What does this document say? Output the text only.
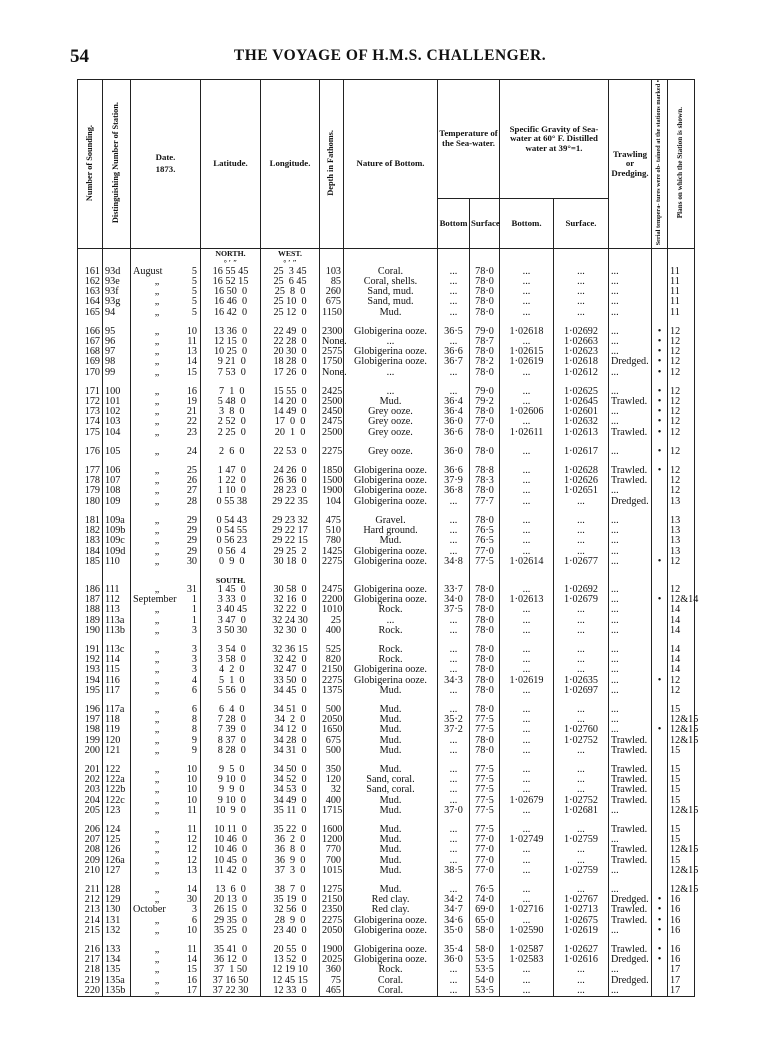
54	THE VOYAGE OF H.M.S. CHALLENGER.
Number of Sounding.	Distinguishing Number of Station.	Date.
1873.	Latitude.	Longitude.	Depth in Fathoms.	Nature of Bottom.	Temperature of the Sea-water.		Specific Gravity of Sea-water at 60° F. Distilled water at 39°=1.		Trawling or Dredging.	Serial tempera- tures were ob- tained at the stations marked •	Plans on which the Station is shown.
							Bottom	Surface	Bottom.	Surface.			
			NORTH.	WEST.									
			° ′ ″	° ′ ″									
161	93d	August 5	16 55 45	25  3 45	103	Coral.	...	78·0	...	...	...		11
162	93e	„ 5	16 52 15	25  6 45	85	Coral, shells.	...	78·0	...	...	...		11
163	93f	„ 5	16 50  0	25  8  0	260	Sand, mud.	...	78·0	...	...	...		11
164	93g	„ 5	16 46  0	25 10  0	675	Sand, mud.	...	78·0	...	...	...		11
165	94	„ 5	16 42  0	25 12  0	1150	Mud.	...	78·0	...	...	...		11

166	95	„ 10	13 36  0	22 49  0	2300	Globigerina ooze.	36·5	79·0	1·02618	1·02692	...	•	12
167	96	„ 11	12 15  0	22 28  0	None.	...	...	78·7	...	1·02663	...	•	12
168	97	„ 13	10 25  0	20 30  0	2575	Globigerina ooze.	36·6	78·0	1·02615	1·02623	...	•	12
169	98	„ 14	9 21  0	18 28  0	1750	Globigerina ooze.	36·7	78·2	1·02619	1·02618	Dredged.	•	12
170	99	„ 15	7 53  0	17 26  0	None.	...	...	78·0	...	1·02612	...	•	12

171	100	„ 16	7  1  0	15 55  0	2425	...	...	79·0	...	1·02625	...	•	12
172	101	„ 19	5 48  0	14 20  0	2500	Mud.	36·4	79·2	...	1·02645	Trawled.	•	12
173	102	„ 21	3  8  0	14 49  0	2450	Grey ooze.	36·4	78·0	1·02606	1·02601	...	•	12
174	103	„ 22	2 52  0	17  0  0	2475	Grey ooze.	36·0	77·0	...	1·02632	...	•	12
175	104	„ 23	2 25  0	20  1  0	2500	Grey ooze.	36·6	78·0	1·02611	1·02613	Trawled.	•	12

176	105	„ 24	2  6  0	22 53  0	2275	Grey ooze.	36·0	78·0	...	1·02617	...	•	12

177	106	„ 25	1 47  0	24 26  0	1850	Globigerina ooze.	36·6	78·8	...	1·02628	Trawled.	•	12
178	107	„ 26	1 22  0	26 36  0	1500	Globigerina ooze.	37·9	78·3	...	1·02626	Trawled.		12
179	108	„ 27	1 10  0	28 23  0	1900	Globigerina ooze.	36·8	78·0	...	1·02651	...		12
180	109	„ 28	0 55 38	29 22 35	104	Globigerina ooze.	...	77·7	...	...	Dredged.		13

181	109a	„ 29	0 54 43	29 23 32	475	Gravel.	...	78·0	...	...	...		13
182	109b	„ 29	0 54 55	29 22 17	510	Hard ground.	...	76·5	...	...	...		13
183	109c	„ 29	0 56 23	29 22 15	780	Mud.	...	76·5	...	...	...		13
184	109d	„ 29	0 56  4	29 25  2	1425	Globigerina ooze.	...	77·0	...	...	...		13
185	110	„ 30	0  9  0	30 18  0	2275	Globigerina ooze.	34·8	77·5	1·02614	1·02677	...	•	12

			SOUTH.										
186	111	„ 31	1 45  0	30 58  0	2475	Globigerina ooze.	33·7	78·0	...	1·02692	...		12
187	112	September 1	3 33  0	32 16  0	2200	Globigerina ooze.	34·0	78·0	1·02613	1·02679	...	•	12&14
188	113	„ 1	3 40 45	32 22  0	1010	Rock.	37·5	78·0	...	...	...		14
189	113a	„ 1	3 47  0	32 24 30	25	...	...	78·0	...	...	...		14
190	113b	„ 3	3 50 30	32 30  0	400	Rock.	...	78·0	...	...	...		14

191	113c	„ 3	3 54  0	32 36 15	525	Rock.	...	78·0	...	...	...		14
192	114	„ 3	3 58  0	32 42  0	820	Rock.	...	78·0	...	...	...		14
193	115	„ 3	4  2  0	32 47  0	2150	Globigerina ooze.	...	78·0	...	...	...		14
194	116	„ 4	5  1  0	33 50  0	2275	Globigerina ooze.	34·3	78·0	1·02619	1·02635	...	•	12
195	117	„ 6	5 56  0	34 45  0	1375	Mud.	...	78·0	...	1·02697	...		12

196	117a	„ 6	6  4  0	34 51  0	500	Mud.	...	78·0	...	...	...		15
197	118	„ 8	7 28  0	34  2  0	2050	Mud.	35·2	77·5	...	...	...		12&15
198	119	„ 8	7 39  0	34 12  0	1650	Mud.	37·2	77·5	...	1·02760	...	•	12&15
199	120	„ 9	8 37  0	34 28  0	675	Mud.	...	78·0	...	1·02752	Trawled.		12&15
200	121	„ 9	8 28  0	34 31  0	500	Mud.	...	78·0	...	...	Trawled.		15

201	122	„ 10	9  5  0	34 50  0	350	Mud.	...	77·5	...	...	Trawled.		15
202	122a	„ 10	9 10  0	34 52  0	120	Sand, coral.	...	77·5	...	...	Trawled.		15
203	122b	„ 10	9  9  0	34 53  0	32	Sand, coral.	...	77·5	...	...	Trawled.		15
204	122c	„ 10	9 10  0	34 49  0	400	Mud.	...	77·5	1·02679	1·02752	Trawled.		15
205	123	„ 11	10  9  0	35 11  0	1715	Mud.	37·0	77·5	...	1·02681	...		12&15

206	124	„ 11	10 11  0	35 22  0	1600	Mud.	...	77·5	...	...	Trawled.		15
207	125	„ 12	10 46  0	36  2  0	1200	Mud.	...	77·0	1·02749	1·02759	...		15
208	126	„ 12	10 46  0	36  8  0	770	Mud.	...	77·0	...	...	Trawled.		12&15
209	126a	„ 12	10 45  0	36  9  0	700	Mud.	...	77·0	...	...	Trawled.		15
210	127	„ 13	11 42  0	37  3  0	1015	Mud.	38·5	77·0	...	1·02759	...		12&15

211	128	„ 14	13  6  0	38  7  0	1275	Mud.	...	76·5	...	...	...		12&15
212	129	„ 30	20 13  0	35 19  0	2150	Red clay.	34·2	74·0	...	1·02767	Dredged.	•	16
213	130	October 3	26 15  0	32 56  0	2350	Red clay.	34·7	69·0	1·02716	1·02713	Trawled.	•	16
214	131	„ 6	29 35  0	28  9  0	2275	Globigerina ooze.	34·6	65·0	...	1·02675	Trawled.	•	16
215	132	„ 10	35 25  0	23 40  0	2050	Globigerina ooze.	35·0	58·0	1·02590	1·02619	...	•	16

216	133	„ 11	35 41  0	20 55  0	1900	Globigerina ooze.	35·4	58·0	1·02587	1·02627	Trawled.	•	16
217	134	„ 14	36 12  0	13 52  0	2025	Globigerina ooze.	36·0	53·5	1·02583	1·02616	Dredged.	•	16
218	135	„ 15	37  1 50	12 19 10	360	Rock.	...	53·5	...	...	...		17
219	135a	„ 16	37 16 50	12 45 15	75	Coral.	...	54·0	...	...	Dredged.		17
220	135b	„ 17	37 22 30	12 33  0	465	Coral.	...	53·5	...	...	...		17
